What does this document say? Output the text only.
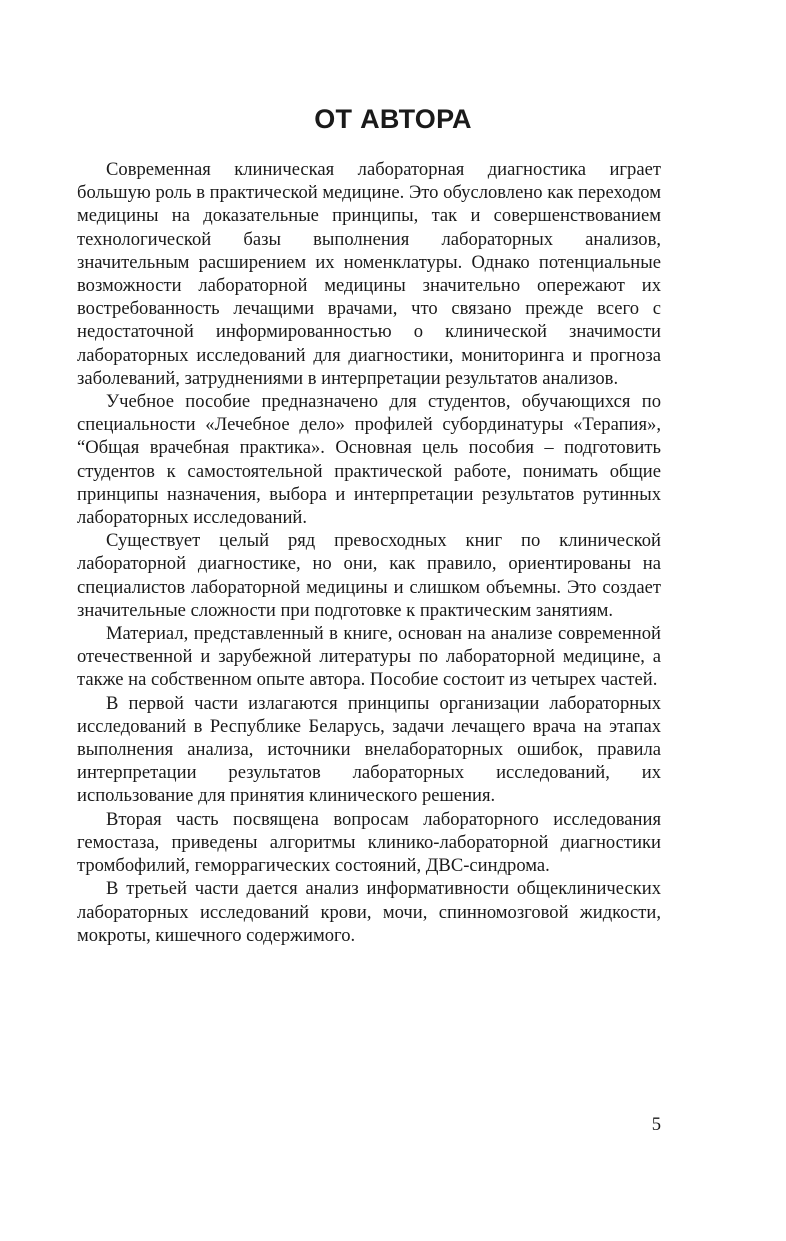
ОТ АВТОРА

Современная клиническая лабораторная диагностика играет большую роль в практической медицине. Это обусловлено как переходом медицины на доказательные принципы, так и совершенствованием технологической базы выполнения лабораторных анализов, значительным расширением их номенклатуры. Однако потенциальные возможности лабораторной медицины значительно опережают их востребованность лечащими врачами, что связано прежде всего с недостаточной информированностью о клинической значимости лабораторных исследований для диагностики, мониторинга и прогноза заболеваний, затруднениями в интерпретации результатов анализов.

Учебное пособие предназначено для студентов, обучающихся по специальности «Лечебное дело» профилей субординатуры «Терапия», “Общая врачебная практика». Основная цель пособия – подготовить студентов к самостоятельной практической работе, понимать общие принципы назначения, выбора и интерпретации результатов рутинных лабораторных исследований.

Существует целый ряд превосходных книг по клинической лабораторной диагностике, но они, как правило, ориентированы на специалистов лабораторной медицины и слишком объемны. Это создает значительные сложности при подготовке к практическим занятиям.

Материал, представленный в книге, основан на анализе современной отечественной и зарубежной литературы по лабораторной медицине, а также на собственном опыте автора. Пособие состоит из четырех частей.

В первой части излагаются принципы организации лабораторных исследований в Республике Беларусь, задачи лечащего врача на этапах выполнения анализа, источники внелабораторных ошибок, правила интерпретации результатов лабораторных исследований, их использование для принятия клинического решения.

Вторая часть посвящена вопросам лабораторного исследования гемостаза, приведены алгоритмы клинико-лабораторной диагностики тромбофилий, геморрагических состояний, ДВС-синдрома.

В третьей части дается анализ информативности общеклинических лабораторных исследований крови, мочи, спинномозговой жидкости, мокроты, кишечного содержимого.

5
